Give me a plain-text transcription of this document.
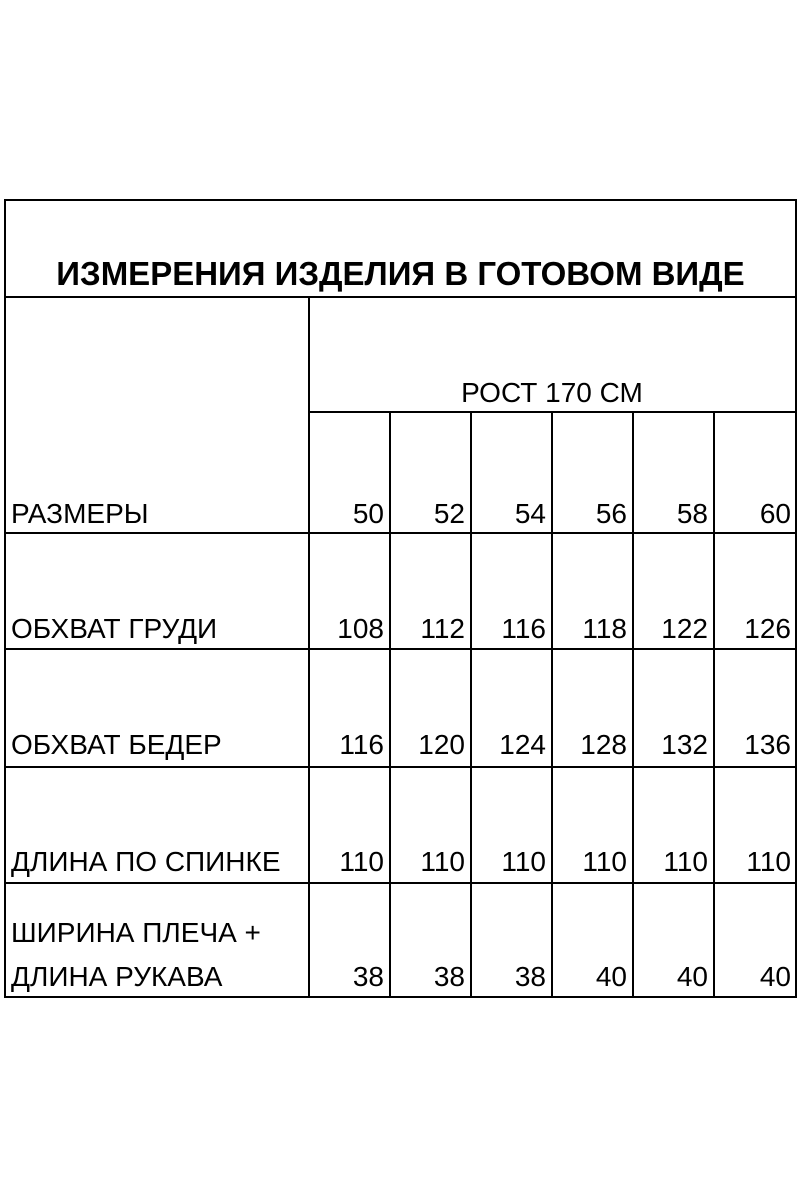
ИЗМЕРЕНИЯ ИЗДЕЛИЯ В ГОТОВОМ ВИДЕ
РОСТ 170 СМ
РАЗМЕРЫ	50	52	54	56	58	60
ОБХВАТ ГРУДИ	108	112	116	118	122	126
ОБХВАТ БЕДЕР	116	120	124	128	132	136
ДЛИНА ПО СПИНКЕ	110	110	110	110	110	110
ШИРИНА ПЛЕЧА +
ДЛИНА РУКАВА	38	38	38	40	40	40
